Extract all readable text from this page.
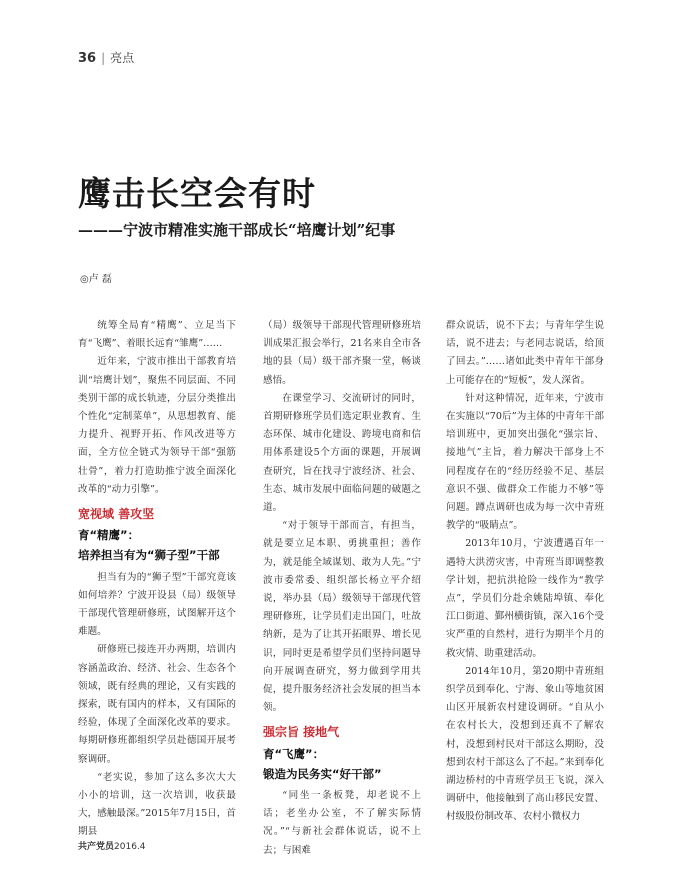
36 | 亮点
鹰击长空会有时
———宁波市精准实施干部成长“培鹰计划”纪事
◎卢 磊

统筹全局育“精鹰”、立足当下育“飞鹰”、着眼长远育“雏鹰”……

近年来，宁波市推出干部教育培训“培鹰计划”，聚焦不同层面、不同类别干部的成长轨迹，分层分类推出个性化“定制菜单”，从思想教育、能力提升、视野开拓、作风改进等方面，全方位全链式为领导干部“强筋壮骨”，着力打造助推宁波全面深化改革的“动力引擎”。

宽视域 善攻坚
育“精鹰”：
培养担当有为“狮子型”干部

担当有为的“狮子型”干部究竟该如何培养？宁波开设县（局）级领导干部现代管理研修班，试图解开这个难题。

研修班已接连开办两期，培训内容涵盖政治、经济、社会、生态各个领域，既有经典的理论，又有实践的探索，既有国内的样本，又有国际的经验，体现了全面深化改革的要求。每期研修班都组织学员赴德国开展考察调研。

“老实说，参加了这么多次大大小小的培训，这一次培训，收获最大，感触最深。”2015年7月15日，首期县

（局）级领导干部现代管理研修班培训成果汇报会举行，21名来自全市各地的县（局）级干部齐聚一堂，畅谈感悟。

在课堂学习、交流研讨的同时，首期研修班学员们选定职业教育、生态环保、城市化建设、跨境电商和信用体系建设5个方面的课题，开展调查研究，旨在找寻宁波经济、社会、生态、城市发展中面临问题的破题之道。

“对于领导干部而言，有担当，就是要立足本职、勇挑重担；善作为，就是能全域谋划、敢为人先。”宁波市委常委、组织部长杨立平介绍说，举办县（局）级领导干部现代管理研修班，让学员们走出国门，吐故纳新，是为了让其开拓眼界、增长见识，同时更是希望学员们坚持问题导向开展调查研究，努力做到学用共促，提升服务经济社会发展的担当本领。

强宗旨 接地气
育“飞鹰”：
锻造为民务实“好干部”

“同坐一条板凳，却老说不上话；老坐办公室，不了解实际情况。”“与新社会群体说话，说不上去；与困难

群众说话，说不下去；与青年学生说话，说不进去；与老同志说话，给顶了回去。”……诸如此类中青年干部身上可能存在的“短板”，发人深省。

针对这种情况，近年来，宁波市在实施以“70后”为主体的中青年干部培训班中，更加突出强化“强宗旨、接地气”主旨，着力解决干部身上不同程度存在的“经历经验不足、基层意识不强、做群众工作能力不够”等问题。蹲点调研也成为每一次中青班教学的“吸睛点”。

2013年10月，宁波遭遇百年一遇特大洪涝灾害，中青班当即调整教学计划，把抗洪抢险一线作为“教学点”，学员们分赴余姚陆埠镇、奉化江口街道、鄞州横街镇，深入16个受灾严重的自然村，进行为期半个月的救灾情、助重建活动。

2014年10月，第20期中青班组织学员到奉化、宁海、象山等地贫困山区开展新农村建设调研。“自从小在农村长大，没想到还真不了解农村，没想到村民对干部这么期盼，没想到农村干部这么了不起。”来到奉化湖边桥村的中青班学员王飞说，深入调研中，他接触到了高山移民安置、村级股份制改革、农村小微权力

共产党员2016.4
